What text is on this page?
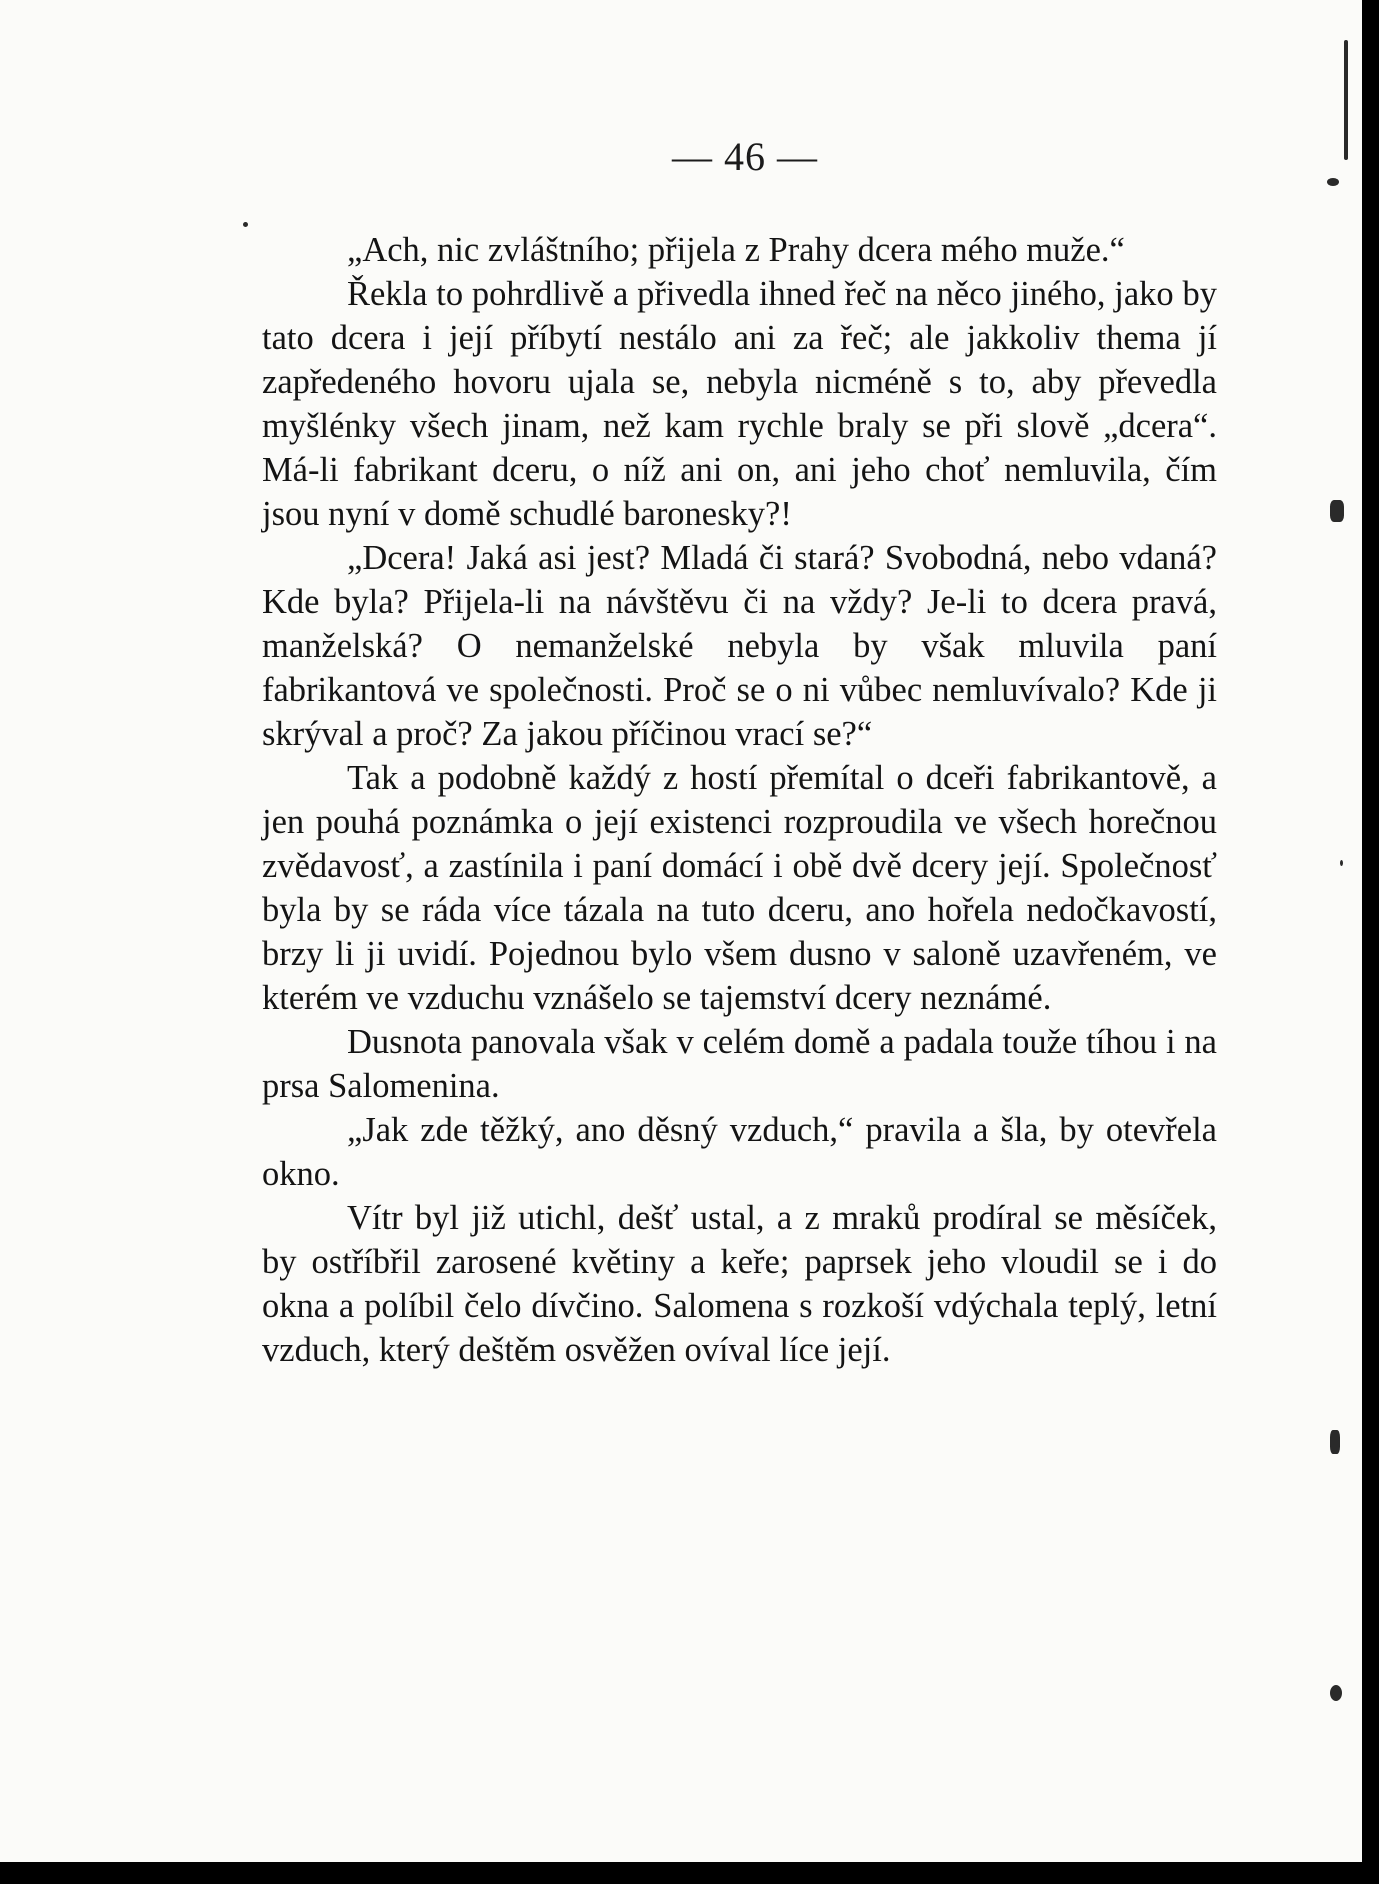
— 46 —

„Ach, nic zvláštního; přijela z Prahy dcera mého muže.“

Řekla to pohrdlivě a přivedla ihned řeč na něco jiného, jako by tato dcera i její příbytí nestálo ani za řeč; ale jakkoliv thema jí zapředeného hovoru ujala se, nebyla nicméně s to, aby převedla myšlénky všech jinam, než kam rychle braly se při slově „dcera“. Má-li fabrikant dceru, o níž ani on, ani jeho choť nemluvila, čím jsou nyní v domě schudlé baronesky?!

„Dcera! Jaká asi jest? Mladá či stará? Svobodná, nebo vdaná? Kde byla? Přijela-li na návštěvu či na vždy? Je-li to dcera pravá, manželská? O nemanželské nebyla by však mluvila paní fabrikantová ve společnosti. Proč se o ni vůbec nemluvívalo? Kde ji skrýval a proč? Za jakou příčinou vrací se?“

Tak a podobně každý z hostí přemítal o dceři fabrikantově, a jen pouhá poznámka o její existenci rozproudila ve všech horečnou zvědavosť, a zastínila i paní domácí i obě dvě dcery její. Společnosť byla by se ráda více tázala na tuto dceru, ano hořela nedočkavostí, brzy li ji uvidí. Pojednou bylo všem dusno v saloně uzavřeném, ve kterém ve vzduchu vznášelo se tajemství dcery neznámé.

Dusnota panovala však v celém domě a padala touže tíhou i na prsa Salomenina.

„Jak zde těžký, ano děsný vzduch,“ pravila a šla, by otevřela okno.

Vítr byl již utichl, dešť ustal, a z mraků prodíral se měsíček, by ostříbřil zarosené květiny a keře; paprsek jeho vloudil se i do okna a políbil čelo dívčino. Salomena s rozkoší vdýchala teplý, letní vzduch, který deštěm osvěžen ovíval líce její.
